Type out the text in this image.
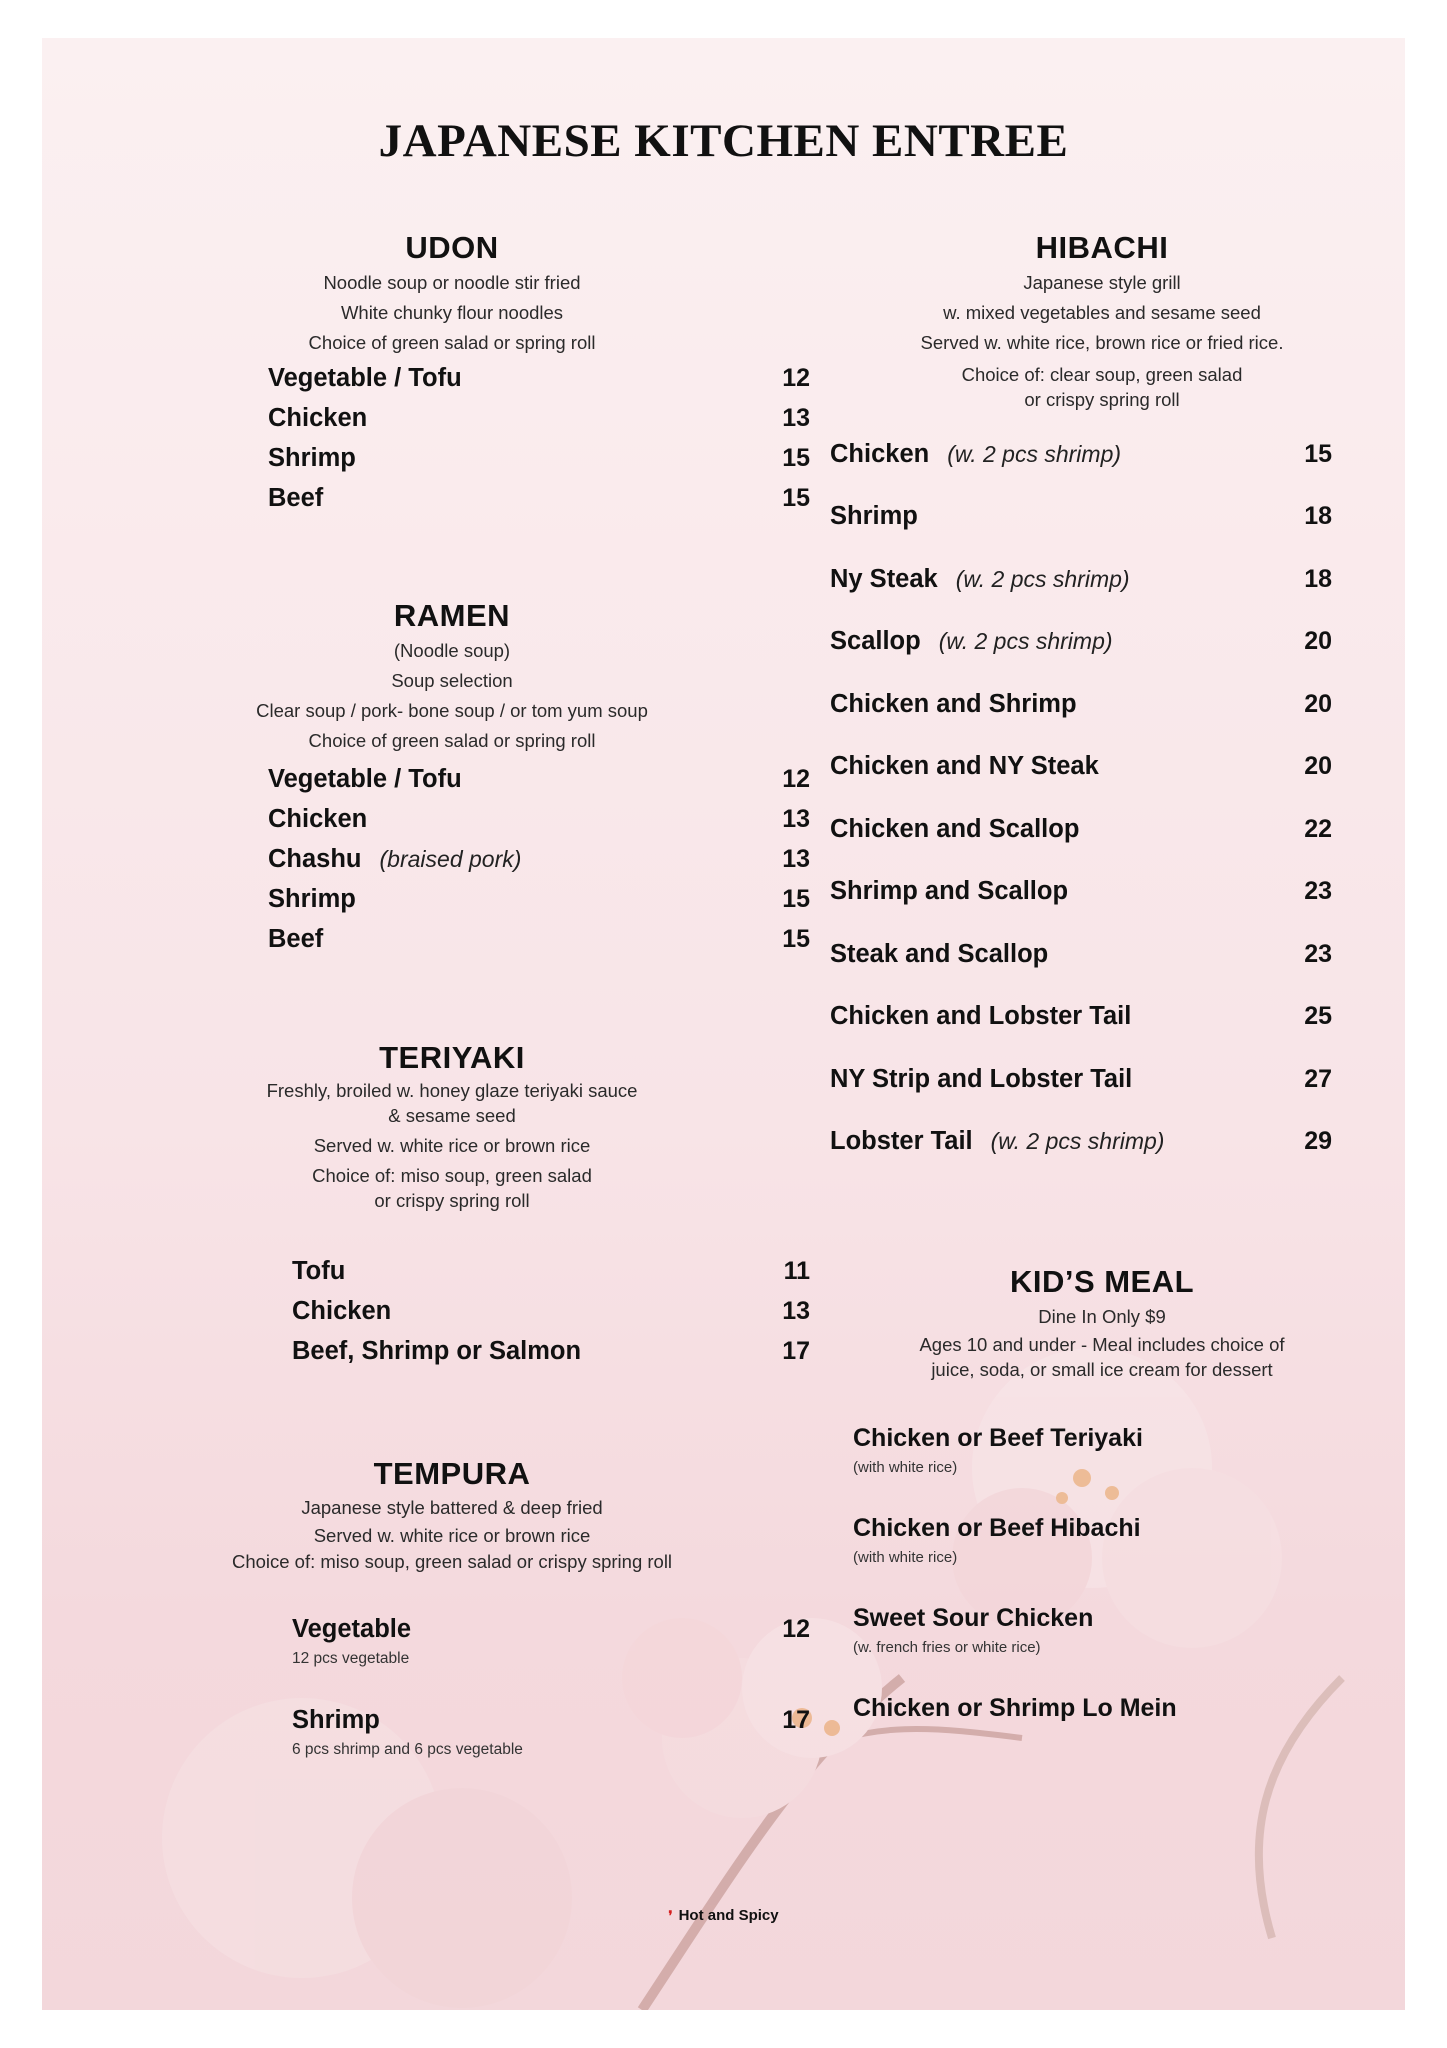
JAPANESE KITCHEN ENTREE
UDON
Noodle soup or noodle stir fried
White chunky flour noodles
Choice of green salad or spring roll
Vegetable / Tofu	12
Chicken	13
Shrimp	15
Beef	15
RAMEN
(Noodle soup)
Soup selection
Clear soup / pork- bone soup / or tom yum soup
Choice of green salad or spring roll
Vegetable / Tofu	12
Chicken	13
Chashu (braised pork)	13
Shrimp	15
Beef	15
TERIYAKI
Freshly, broiled w. honey glaze teriyaki sauce
& sesame seed
Served w. white rice or brown rice
Choice of: miso soup, green salad
or crispy spring roll
Tofu	11
Chicken	13
Beef, Shrimp or Salmon	17
TEMPURA
Japanese style battered & deep fried
Served w. white rice or brown rice
Choice of: miso soup, green salad or crispy spring roll
Vegetable	12
12 pcs vegetable
Shrimp	17
6 pcs shrimp and 6 pcs vegetable
HIBACHI
Japanese style grill
w. mixed vegetables and sesame seed
Served w. white rice, brown rice or fried rice.
Choice of: clear soup, green salad
or crispy spring roll
Chicken (w. 2 pcs shrimp)	15
Shrimp	18
Ny Steak (w. 2 pcs shrimp)	18
Scallop (w. 2 pcs shrimp)	20
Chicken and Shrimp	20
Chicken and NY Steak	20
Chicken and Scallop	22
Shrimp and Scallop	23
Steak and Scallop	23
Chicken and Lobster Tail	25
NY Strip and Lobster Tail	27
Lobster Tail (w. 2 pcs shrimp)	29
KID’S MEAL
Dine In Only $9
Ages 10 and under - Meal includes choice of
juice, soda, or small ice cream for dessert
Chicken or Beef Teriyaki
(with white rice)
Chicken or Beef Hibachi
(with white rice)
Sweet Sour Chicken
(w. french fries or white rice)
Chicken or Shrimp Lo Mein
❜ Hot and Spicy
